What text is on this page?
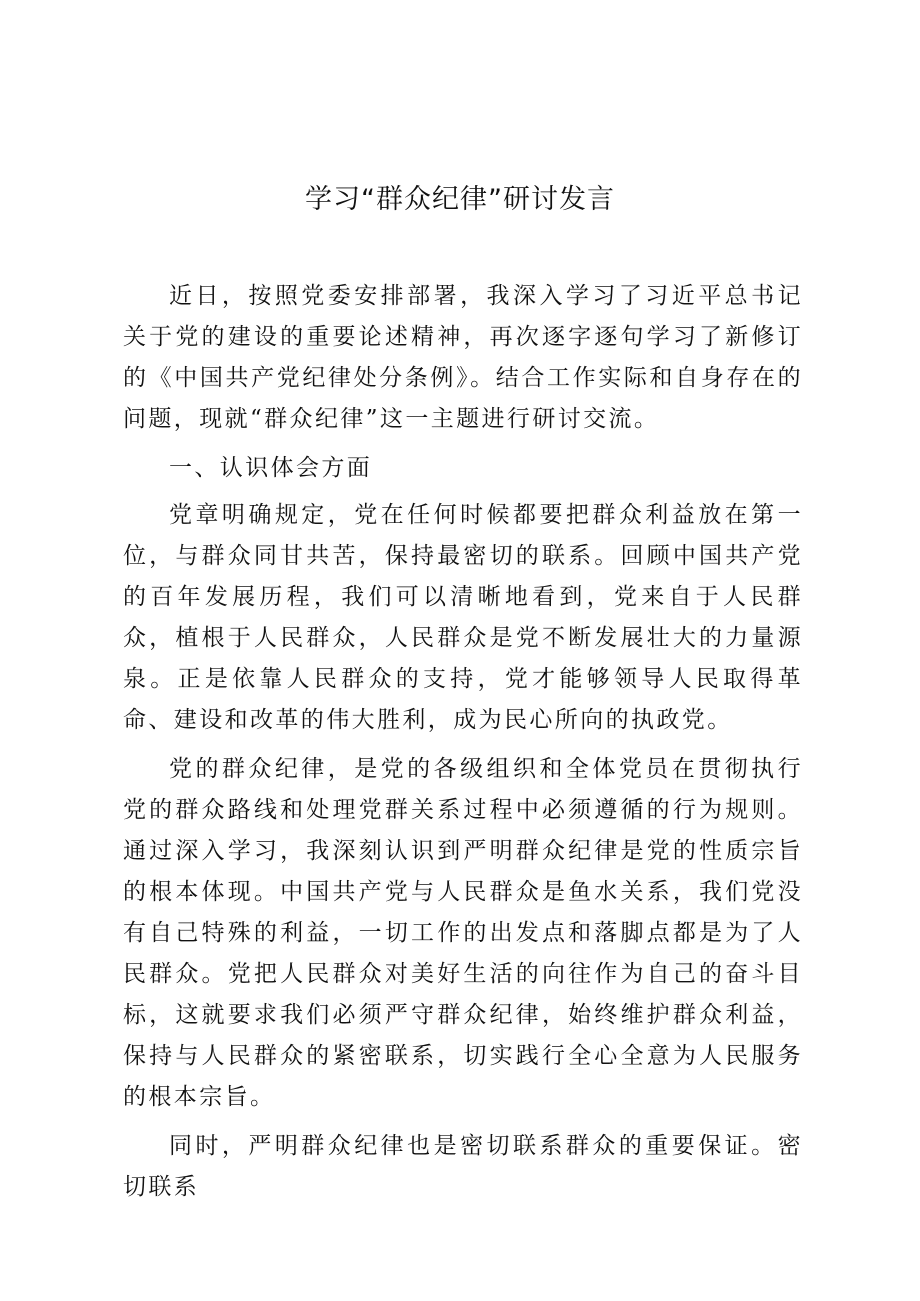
学习“群众纪律”研讨发言

近日，按照党委安排部署，我深入学习了习近平总书记关于党的建设的重要论述精神，再次逐字逐句学习了新修订的《中国共产党纪律处分条例》。结合工作实际和自身存在的问题，现就“群众纪律”这一主题进行研讨交流。

一、认识体会方面

党章明确规定，党在任何时候都要把群众利益放在第一位，与群众同甘共苦，保持最密切的联系。回顾中国共产党的百年发展历程，我们可以清晰地看到，党来自于人民群众，植根于人民群众，人民群众是党不断发展壮大的力量源泉。正是依靠人民群众的支持，党才能够领导人民取得革命、建设和改革的伟大胜利，成为民心所向的执政党。

党的群众纪律，是党的各级组织和全体党员在贯彻执行党的群众路线和处理党群关系过程中必须遵循的行为规则。通过深入学习，我深刻认识到严明群众纪律是党的性质宗旨的根本体现。中国共产党与人民群众是鱼水关系，我们党没有自己特殊的利益，一切工作的出发点和落脚点都是为了人民群众。党把人民群众对美好生活的向往作为自己的奋斗目标，这就要求我们必须严守群众纪律，始终维护群众利益，保持与人民群众的紧密联系，切实践行全心全意为人民服务的根本宗旨。

同时，严明群众纪律也是密切联系群众的重要保证。密切联系
